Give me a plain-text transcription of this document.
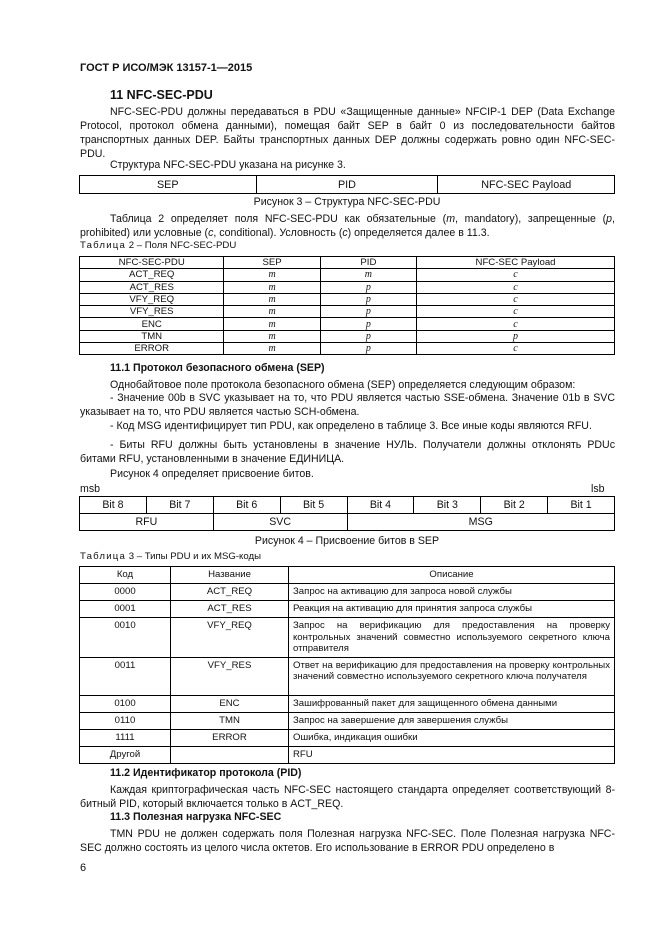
ГОСТ Р ИСО/МЭК 13157-1—2015
11 NFC-SEC-PDU
NFC-SEC-PDU должны передаваться в PDU «Защищенные данные» NFCIP-1 DEP (Data Exchange Protocol, протокол обмена данными), помещая байт SEP в байт 0 из последовательности байтов транспортных данных DEP. Байты транспортных данных DEP должны содержать ровно один NFC-SEC-PDU.
Структура NFC-SEC-PDU указана на рисунке 3.
SEP	PID	NFC-SEC Payload
Рисунок 3 – Структура NFC-SEC-PDU
Таблица 2 определяет поля NFC-SEC-PDU как обязательные (m, mandatory), запрещенные (p, prohibited) или условные (c, conditional). Условность (c) определяется далее в 11.3.
Таблица 2 – Поля NFC-SEC-PDU
NFC-SEC-PDU	SEP	PID	NFC-SEC Payload
ACT_REQ	m	m	c
ACT_RES	m	p	c
VFY_REQ	m	p	c
VFY_RES	m	p	c
ENC	m	p	c
TMN	m	p	p
ERROR	m	p	c
11.1 Протокол безопасного обмена (SEP)
Однобайтовое поле протокола безопасного обмена (SEP) определяется следующим образом:
- Значение 00b в SVC указывает на то, что PDU является частью SSE-обмена. Значение 01b в SVC указывает на то, что PDU является частью SCH-обмена.
- Код MSG идентифицирует тип PDU, как определено в таблице 3. Все иные коды являются RFU.
- Биты RFU должны быть установлены в значение НУЛЬ. Получатели должны отклонять PDUс битами RFU, установленными в значение ЕДИНИЦА.
Рисунок 4 определяет присвоение битов.
msb	lsb
Bit 8	Bit 7	Bit 6	Bit 5	Bit 4	Bit 3	Bit 2	Bit 1
RFU		SVC		MSG			
Рисунок 4 – Присвоение битов в SEP
Таблица 3 – Типы PDU и их MSG-коды
Код	Название	Описание
0000	ACT_REQ	Запрос на активацию для запроса новой службы
0001	ACT_RES	Реакция на активацию для принятия запроса службы
0010	VFY_REQ	Запрос на верификацию для предоставления на проверку контрольных значений совместно используемого секретного ключа отправителя
0011	VFY_RES	Ответ на верификацию для предоставления на проверку контрольных значений совместно используемого секретного ключа получателя
0100	ENC	Зашифрованный пакет для защищенного обмена данными
0110	TMN	Запрос на завершение для завершения службы
1111	ERROR	Ошибка, индикация ошибки
Другой		RFU
11.2 Идентификатор протокола (PID)
Каждая криптографическая часть NFC-SEC настоящего стандарта определяет соответствующий 8-битный PID, который включается только в ACT_REQ.
11.3 Полезная нагрузка NFC-SEC
TMN PDU не должен содержать поля Полезная нагрузка NFC-SEC. Поле Полезная нагрузка NFC-SEC должно состоять из целого числа октетов. Его использование в ERROR PDU определено в
6
